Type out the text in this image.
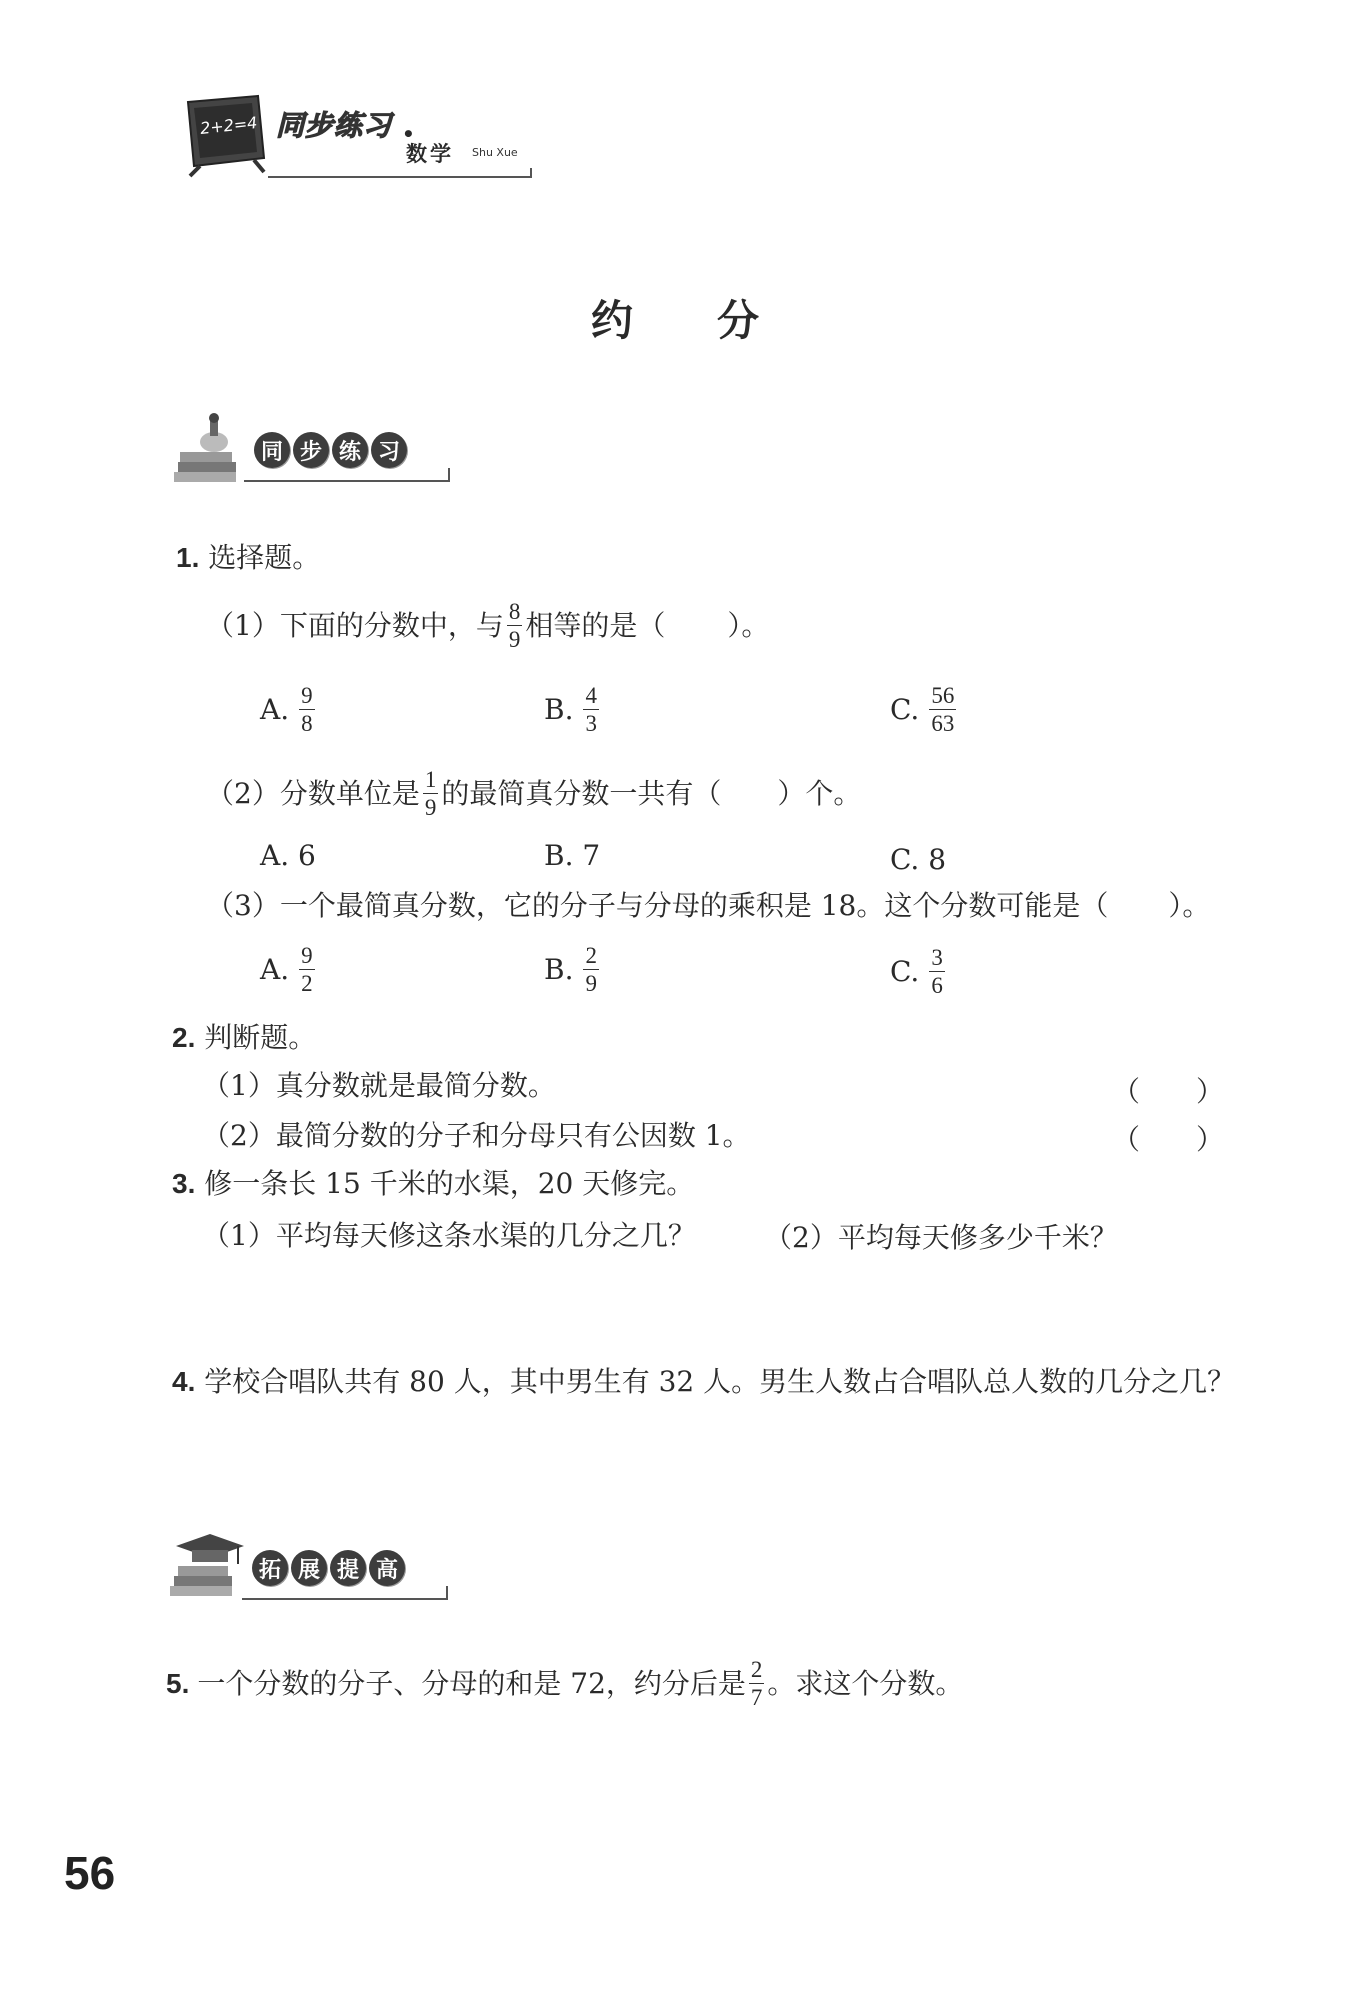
2+2=4 同步练习 •
数学 Shu Xue
约　　分
同 步 练 习
1. 选择题。
（1） 下面的分数中，与 $\frac{8}{9}$ 相等的是（ ）。
A. $\frac{9}{8}$	B. $\frac{4}{3}$	C. $\frac{56}{63}$
（2） 分数单位是 $\frac{1}{9}$ 的最简真分数一共有（ ）个。
A. 6	B. 7	C. 8
（3） 一个最简真分数，它的分子与分母的乘积是 18。这个分数可能是（ ）。
A. $\frac{9}{2}$	B. $\frac{2}{9}$	C. $\frac{3}{6}$
2. 判断题。
（1）真分数就是最简分数。	（　　）
（2）最简分数的分子和分母只有公因数 1。	（　　）
3. 修一条长 15 千米的水渠，20 天修完。
（1）平均每天修这条水渠的几分之几？ （2）平均每天修多少千米？
4. 学校合唱队共有 80 人，其中男生有 32 人。男生人数占合唱队总人数的几分之几？
拓 展 提 高
5. 一个分数的分子、分母的和是 72，约分后是 $\frac{2}{7}$ 。求这个分数。
56
